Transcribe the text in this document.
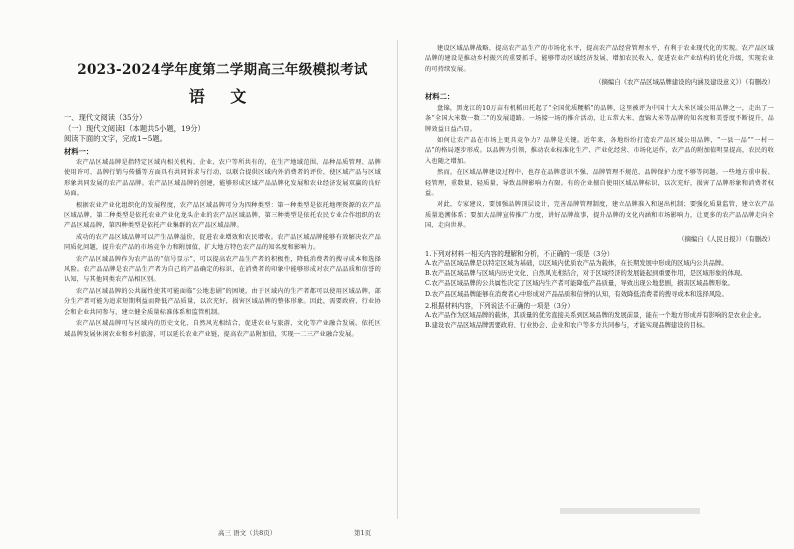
2023-2024学年度第二学期高三年级模拟考试
语 文
一、现代文阅读（35分）
（一）现代文阅读Ⅰ（本题共5小题，19分）
阅读下面的文字，完成1~5题。
材料一：

农产品区域品牌是指特定区域内相关机构、企业、农户等所共有的，在生产地域范围、品种品质管理、品牌使用许可、品牌行销与传播等方面具有共同诉求与行动，以联合提供区域内外消费者的评价，使区域产品与区域形象共同发展的农产品品牌。农产品区域品牌的创建，能够形成区域产品品牌化发展和农业经济发展双赢的良好局面。

根据农业产业化组织化的发展程度，农产品区域品牌可分为四种类型：第一种类型是依托地理资源的农产品区域品牌，第二种类型是依托农业产业化龙头企业的农产品区域品牌，第三种类型是依托农民专业合作组织的农产品区域品牌，第四种类型是依托产业集群的农产品区域品牌。

成功的农产品区域品牌可以产生品牌溢价，促进农业增效和农民增收。农产品区域品牌能够有效解决农产品同质化问题，提升农产品的市场竞争力和附加值，扩大地方特色农产品的知名度和影响力。

农产品区域品牌作为农产品的“信号显示”，可以提高农产品生产者的积极性，降低消费者的搜寻成本和选择风险。农产品品牌是农产品生产者为自己的产品确定的标识，在消费者的印象中能够形成对农产品品质和信誉的认知，与其他同类农产品相区别。

农产品区域品牌的公共属性使其可能面临“公地悲剧”的困境。由于区域内的生产者都可以使用区域品牌，部分生产者可能为追求短期利益而降低产品质量，以次充好，损害区域品牌的整体形象。因此，需要政府、行业协会和企业共同参与，建立健全质量标准体系和监管机制。

农产品区域品牌可与区域内的历史文化、自然风光相结合，促进农业与旅游、文化等产业融合发展。依托区域品牌发展休闲农业和乡村旅游，可以延长农业产业链，提高农产品附加值，实现一二三产业融合发展。

建设区域品牌战略，提高农产品生产的市场化水平，提高农产品经营管理水平，有利于农业现代化的实现。农产品区域品牌的建设是推动乡村振兴的重要抓手，能够带动区域经济发展，增加农民收入，促进农业产业结构的优化升级，实现农业的可持续发展。

（摘编自《农产品区域品牌建设的内涵及建设意义》）（有删改）
材料二：

盘锦，黑龙江的10万亩有机稻田托起了“全国优质粳稻”的品牌，这里被评为中国十大大米区域公用品牌之一，走出了一条“全国大米数一数二”的发展道路。一场接一场的推介活动，让五常大米、盘锦大米等品牌的知名度和美誉度不断提升，品牌效益日益凸显。

如何让农产品在市场上更具竞争力？品牌是关键。近年来，各地纷纷打造农产品区域公用品牌，“一县一品”“一村一品”的格局逐步形成。以品牌为引领，推动农业标准化生产、产业化经营、市场化运作，农产品的附加值明显提高，农民的收入也随之增加。

然而，在区域品牌建设过程中，也存在品牌意识不强、品牌管理不规范、品牌保护力度不够等问题。一些地方重申报、轻管理，重数量、轻质量，导致品牌影响力有限。有的企业擅自使用区域品牌标识，以次充好，损害了品牌形象和消费者权益。

对此，专家建议，要加强品牌顶层设计，完善品牌管理制度，建立品牌准入和退出机制；要强化质量监管，建立农产品质量追溯体系；要加大品牌宣传推广力度，讲好品牌故事，提升品牌的文化内涵和市场影响力，让更多的农产品品牌走向全国、走向世界。

（摘编自《人民日报》）（有删改）
1.下列对材料一相关内容的理解和分析，不正确的一项是（3分）
A.农产品区域品牌是以特定区域为基础，以区域内优质农产品为载体，在长期发展中形成的区域内公共品牌。
B.农产品区域品牌与区域内历史文化、自然风光相结合，对于区域经济的发展能起到重要作用，是区域形象的体现。
C.农产品区域品牌的公共属性决定了区域内生产者可能降低产品质量，导致出现公地悲剧，损害区域品牌形象。
D.农产品区域品牌能够在消费者心中形成对产品品质和信誉的认知，有效降低消费者的搜寻成本和选择风险。
2.根据材料内容，下列说法不正确的一项是（3分）
A.农产品作为区域品牌的载体，其质量的优劣直接关系到区域品牌的发展前景，能在一个地方形成并有影响的是农业企业。
B.建设农产品区域品牌需要政府、行业协会、企业和农户等多方共同参与，才能实现品牌建设的目标。
高三 语文（共8页）	第1页
